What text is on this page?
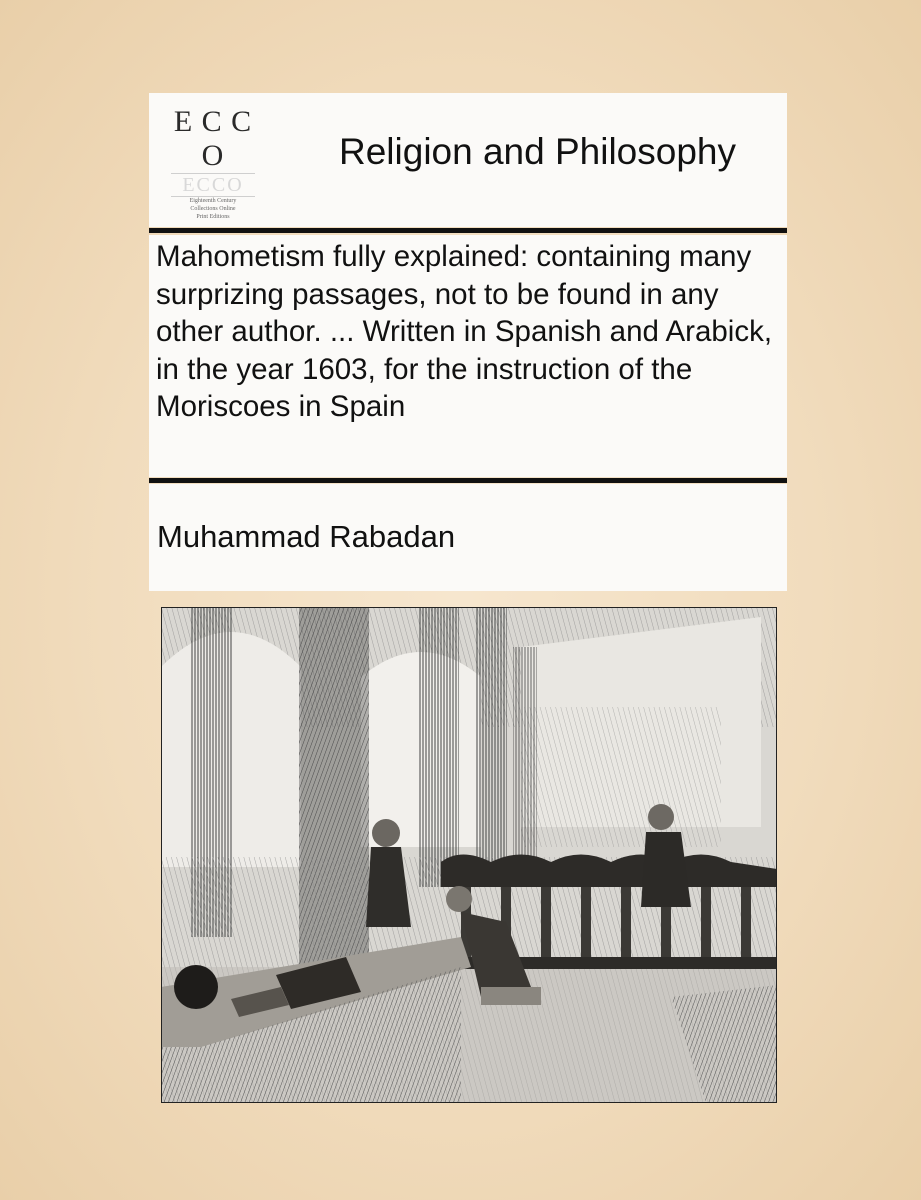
E C C O
ECCO
Eighteenth Century
Collections Online
Print Editions
Religion and Philosophy
Mahometism fully explained: containing many surprizing passages, not to be found in any other author. ... Written in Spanish and Arabick, in the year 1603, for the instruction of the Moriscoes in Spain
Muhammad Rabadan
